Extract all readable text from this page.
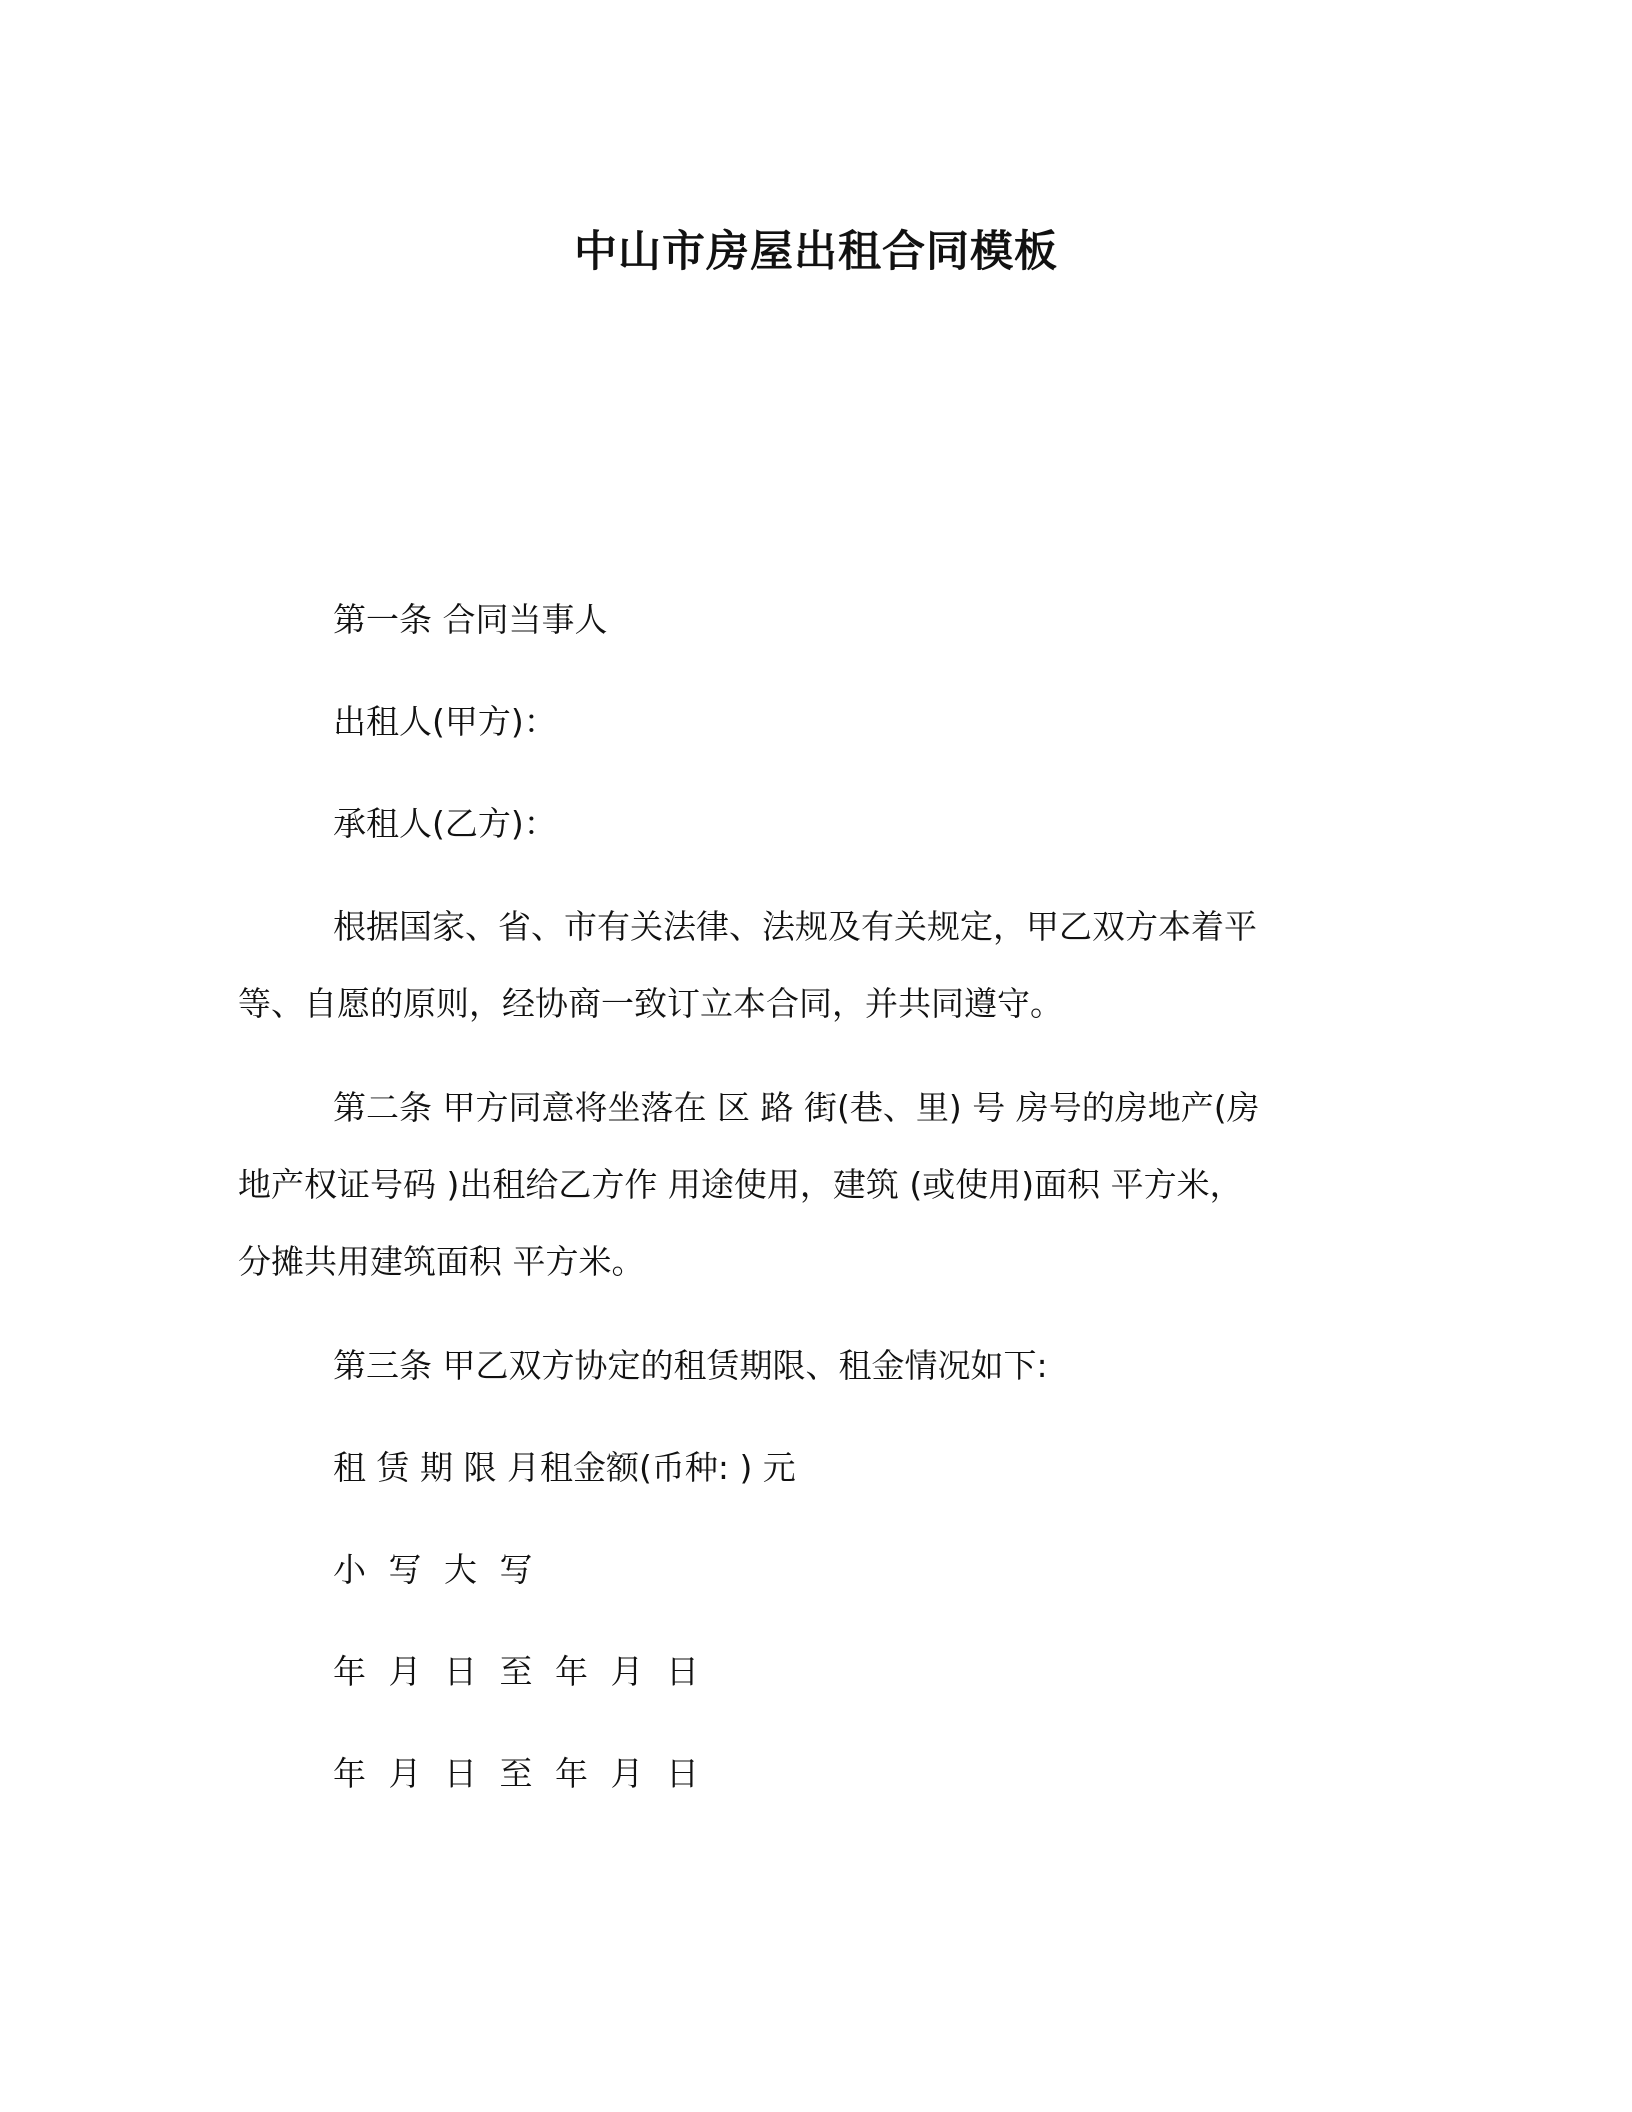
中山市房屋出租合同模板

第一条 合同当事人

出租人(甲方)：

承租人(乙方)：

根据国家、省、市有关法律、法规及有关规定，甲乙双方本着平

等、自愿的原则，经协商一致订立本合同，并共同遵守。

第二条 甲方同意将坐落在 区 路 街(巷、里) 号 房号的房地产(房

地产权证号码 )出租给乙方作 用途使用，建筑 (或使用)面积 平方米，

分摊共用建筑面积 平方米。

第三条 甲乙双方协定的租赁期限、租金情况如下:

租 赁 期 限 月租金额(币种: ) 元

小 写 大 写

年 月 日 至 年 月 日

年 月 日 至 年 月 日
